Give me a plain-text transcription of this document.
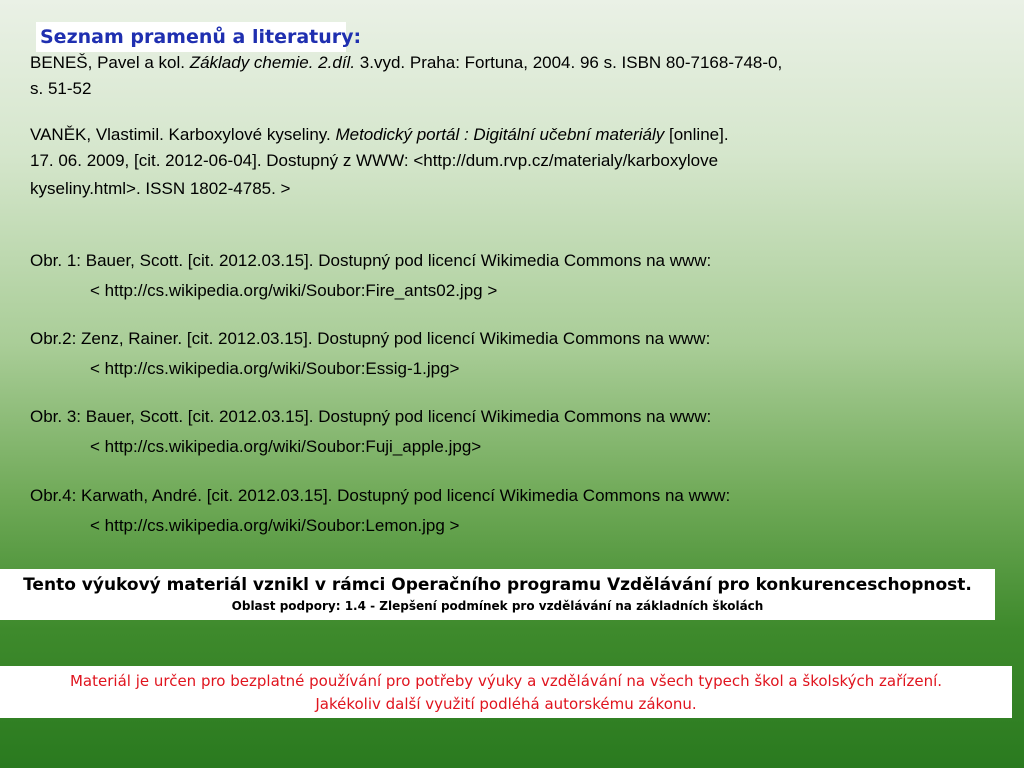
Seznam pramenů a literatury:
BENEŠ, Pavel a kol. Základy chemie. 2.díl. 3.vyd. Praha: Fortuna, 2004. 96 s. ISBN 80-7168-748-0,
s. 51-52
VANĚK, Vlastimil. Karboxylové kyseliny. Metodický portál : Digitální učební materiály [online].
17. 06. 2009, [cit. 2012-06-04]. Dostupný z WWW: <http://dum.rvp.cz/materialy/karboxylove
kyseliny.html>. ISSN 1802-4785. >
Obr. 1: Bauer, Scott. [cit. 2012.03.15]. Dostupný pod licencí Wikimedia Commons na www:
< http://cs.wikipedia.org/wiki/Soubor:Fire_ants02.jpg >
Obr.2: Zenz, Rainer. [cit. 2012.03.15]. Dostupný pod licencí Wikimedia Commons na www:
< http://cs.wikipedia.org/wiki/Soubor:Essig-1.jpg>
Obr. 3: Bauer, Scott. [cit. 2012.03.15]. Dostupný pod licencí Wikimedia Commons na www:
< http://cs.wikipedia.org/wiki/Soubor:Fuji_apple.jpg>
Obr.4: Karwath, André. [cit. 2012.03.15]. Dostupný pod licencí Wikimedia Commons na www:
< http://cs.wikipedia.org/wiki/Soubor:Lemon.jpg >
Tento výukový materiál vznikl v rámci Operačního programu Vzdělávání pro konkurenceschopnost.
Oblast podpory: 1.4 - Zlepšení podmínek pro vzdělávání na základních školách
Materiál je určen pro bezplatné používání pro potřeby výuky a vzdělávání na všech typech škol a školských zařízení.
Jakékoliv další využití podléhá autorskému zákonu.
